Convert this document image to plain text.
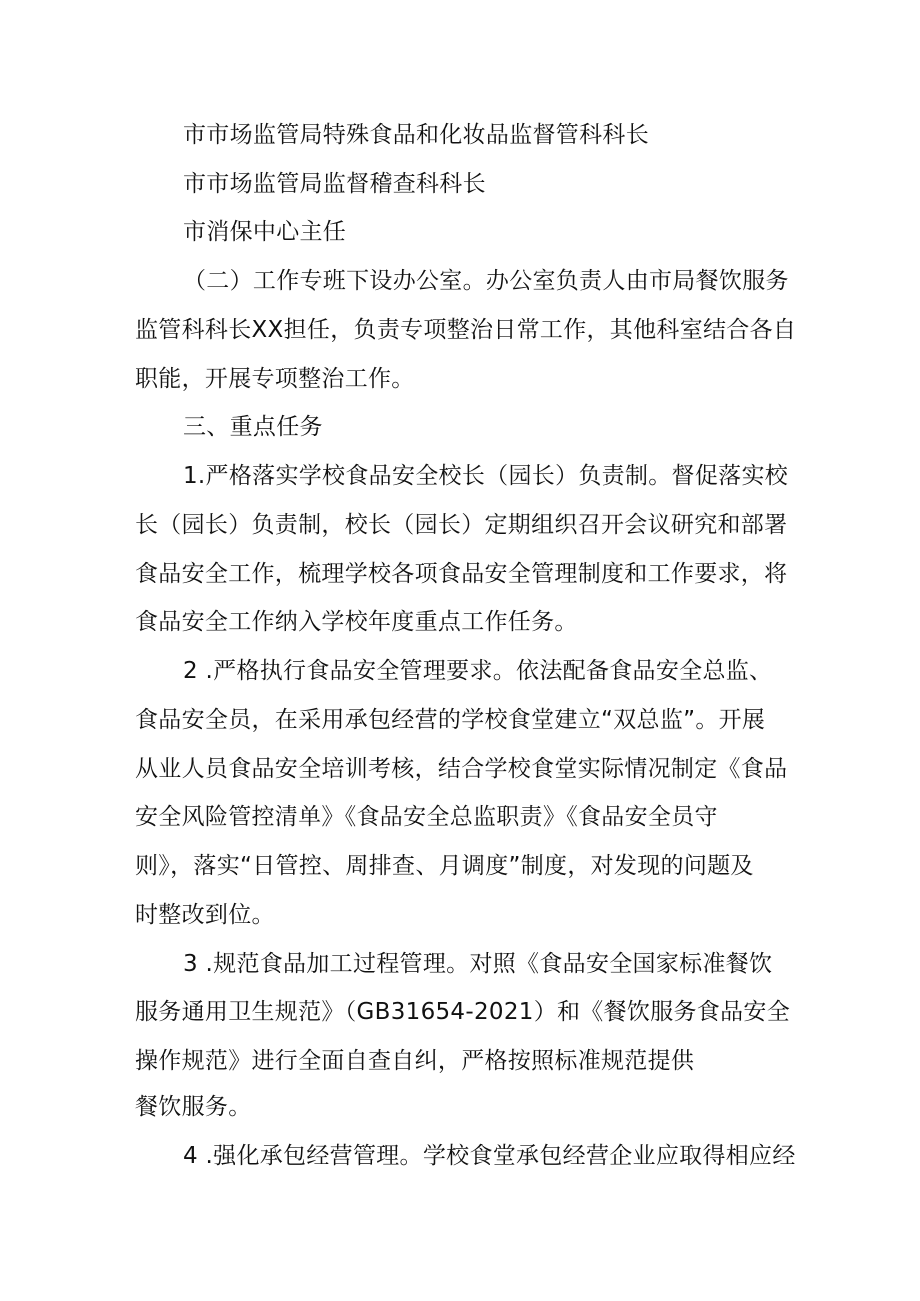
市市场监管局特殊食品和化妆品监督管科科长
市市场监管局监督稽查科科长
市消保中心主任
（二）工作专班下设办公室。办公室负责人由市局餐饮服务
监管科科长XX担任，负责专项整治日常工作，其他科室结合各自
职能，开展专项整治工作。
三、重点任务
1.严格落实学校食品安全校长（园长）负责制。督促落实校
长（园长）负责制，校长（园长）定期组织召开会议研究和部署
食品安全工作，梳理学校各项食品安全管理制度和工作要求，将
食品安全工作纳入学校年度重点工作任务。
2 .严格执行食品安全管理要求。依法配备食品安全总监、
食品安全员，在采用承包经营的学校食堂建立“双总监”。开展
从业人员食品安全培训考核，结合学校食堂实际情况制定《食品
安全风险管控清单》《食品安全总监职责》《食品安全员守
则》，落实“日管控、周排查、月调度”制度，对发现的问题及
时整改到位。
3 .规范食品加工过程管理。对照《食品安全国家标准餐饮
服务通用卫生规范》（GB31654-2021）和《餐饮服务食品安全
操作规范》进行全面自查自纠，严格按照标准规范提供
餐饮服务。
4 .强化承包经营管理。学校食堂承包经营企业应取得相应经
